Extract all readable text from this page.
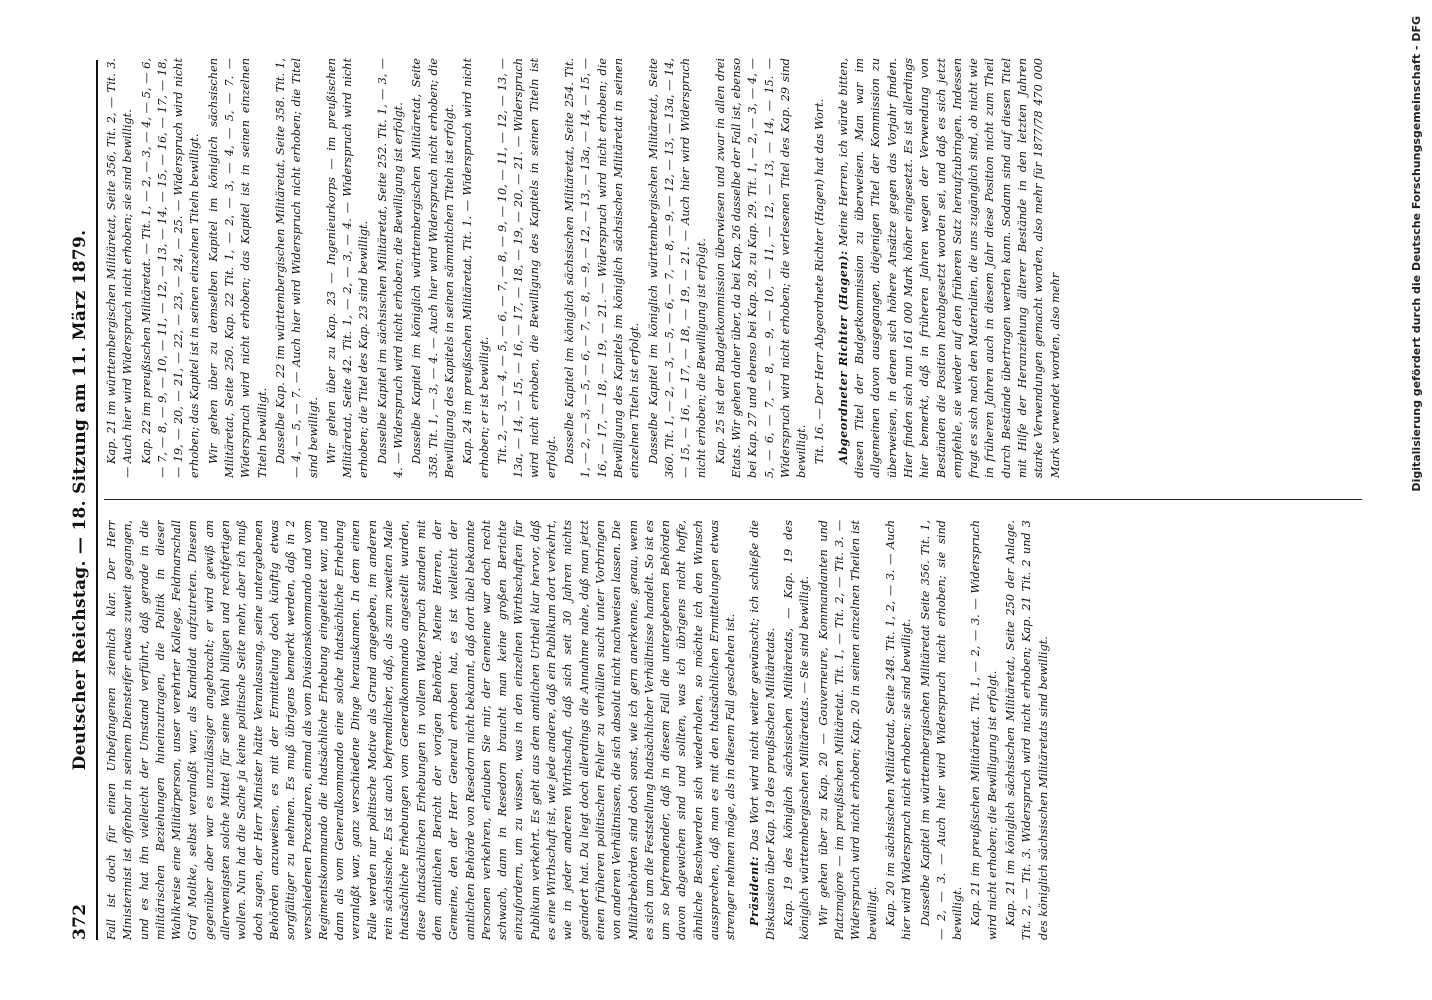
372
Deutscher Reichstag. — 18. Sitzung am 11. März 1879. Fall ist doch für einen Unbefangenen ziemlich klar. Der Herr Ministerinist ist offenbar in seinem Diensteifer etwas zuweit gegangen, und es hat ihn vielleicht der Umstand verführt, daß gerade in die militärischen Beziehungen hineinzutragen, die Politik in dieser Wahlkreise eine Militärperson, unser verehrter Kollege, Feldmarschall Graf Moltke, selbst veranlaßt war, als Kandidat aufzutreten. Diesem gegenüber aber war es unzulässiger angebracht; er wird gewiß am allerwenigsten solche Mittel für seine Wahl billigen und rechtfertigen wollen. Nun hat die Sache ja keine politische Seite mehr, aber ich muß doch sagen, der Herr Minister hätte Veranlassung, seine untergebenen Behörden anzuweisen, es mit der Ermittelung doch künftig etwas sorgfältiger zu nehmen. Es muß übrigens bemerkt werden, daß in 2 verschiedenen Prozeduren, einmal als vom Divisionskommando und vom Regimentskommando die thatsächliche Erhebung eingeleitet war, und dann als vom Generalkommando eine solche thatsächliche Erhebung veranlaßt war, ganz verschiedene Dinge herauskamen. In dem einen Falle werden nur politische Motive als Grund angegeben, im anderen rein sächsische. Es ist auch befremdlicher, daß, als zum zweiten Male thatsächliche Erhebungen vom Generalkommando angestellt wurden, diese thatsächlichen Erhebungen in vollem Widerspruch standen mit dem amtlichen Bericht der vorigen Behörde. Meine Herren, der Gemeine, den der Herr General erhoben hat, es ist vielleicht der amtlichen Behörde von Resedorn nicht bekannt, daß dort übel bekannte Personen verkehren, erlauben Sie mir, der Gemeine war doch recht schwach, dann in Resedorn braucht man keine großen Berichte einzufordern, um zu wissen, was in den einzelnen Wirthschaften für Publikum verkehrt. Es geht aus dem amtlichen Urtheil klar hervor, daß es eine Wirthschaft ist, wie jede andere, daß ein Publikum dort verkehrt, wie in jeder anderen Wirthschaft, daß sich seit 30 Jahren nichts geändert hat. Da liegt doch allerdings die Annahme nahe, daß man jetzt einen früheren politischen Fehler zu verhüllen sucht unter Vorbringen von anderen Verhältnissen, die sich absolut nicht nachweisen lassen. Die Militärbehörden sind doch sonst, wie ich gern anerkenne, genau, wenn es sich um die Feststellung thatsächlicher Verhältnisse handelt. So ist es um so befremdender, daß in diesem Fall die untergebenen Behörden davon abgewichen sind und sollten, was ich übrigens nicht hoffe, ähnliche Beschwerden sich wiederholen, so möchte ich den Wunsch aussprechen, daß man es mit den thatsächlichen Ermittelungen etwas strenger nehmen möge, als in diesem Fall geschehen ist. Präsident: Das Wort wird nicht weiter gewünscht; ich schließe die Diskussion über Kap. 19 des preußischen Militäretats. Kap. 19 des königlich sächsischen Militäretats, — Kap. 19 des königlich württembergischen Militäretats. — Sie sind bewilligt. Wir gehen über zu Kap. 20 — Gouverneure, Kommandanten und Platzmajore — im preußischen Militäretat. Tit. 1, — Tit. 2, — Tit. 3. — Widerspruch wird nicht erhoben; Kap. 20 in seinen einzelnen Theilen ist bewilligt. Kap. 20 im sächsischen Militäretat, Seite 248. Tit. 1, 2, — 3. — Auch hier wird Widerspruch nicht erhoben; sie sind bewilligt. Dasselbe Kapitel im württembergischen Militäretat Seite 356. Tit. 1, — 2, — 3. — Auch hier wird Widerspruch nicht erhoben; sie sind bewilligt. Kap. 21 im preußischen Militäretat. Tit. 1, — 2, — 3. — Widerspruch wird nicht erhoben; die Bewilligung ist erfolgt. Kap. 21 im königlich sächsischen Militäretat, Seite 250 der Anlage. Tit. 2, — Tit. 3. Widerspruch wird nicht erhoben; Kap. 21 Tit. 2 und 3 des königlich sächsischen Militäretats sind bewilligt.

Kap. 21 im württembergischen Militäretat, Seite 356, Tit. 2, — Tit. 3. — Auch hier wird Widerspruch nicht erhoben; sie sind bewilligt. Kap. 22 im preußischen Militäretat. — Tit. 1, — 2, — 3, — 4, — 5, — 6, — 7, — 8, — 9, — 10, — 11, — 12, — 13, — 14, — 15, — 16, — 17, — 18, — 19, — 20, — 21, — 22, — 23, — 24, — 25. — Widerspruch wird nicht erhoben; das Kapitel ist in seinen einzelnen Titeln bewilligt. Wir gehen über zu demselben Kapitel im königlich sächsischen Militäretat, Seite 250. Kap. 22 Tit. 1, — 2, — 3, — 4, — 5, — 7. — Widerspruch wird nicht erhoben; das Kapitel ist in seinen einzelnen Titeln bewilligt. Dasselbe Kap. 22 im württembergischen Militäretat, Seite 358. Tit. 1, — 4, — 5, — 7. — Auch hier wird Widerspruch nicht erhoben; die Titel sind bewilligt. Wir gehen über zu Kap. 23 — Ingenieurkorps — im preußischen Militäretat, Seite 42. Tit. 1, — 2, — 3, — 4. — Widerspruch wird nicht erhoben; die Titel des Kap. 23 sind bewilligt. Dasselbe Kapitel im sächsischen Militäretat, Seite 252. Tit. 1, — 3, — 4. — Widerspruch wird nicht erhoben; die Bewilligung ist erfolgt. Dasselbe Kapitel im königlich württembergischen Militäretat, Seite 358. Tit. 1, — 3, — 4. — Auch hier wird Widerspruch nicht erhoben; die Bewilligung des Kapitels in seinen sämmtlichen Titeln ist erfolgt. Kap. 24 im preußischen Militäretat, Tit. 1. — Widerspruch wird nicht erhoben; er ist bewilligt. Tit. 2, — 3, — 4, — 5, — 6, — 7, — 8, — 9, — 10, — 11, — 12, — 13, — 13a, — 14, — 15, — 16, — 17, — 18, — 19, — 20, — 21. — Widerspruch wird nicht erhoben, die Bewilligung des Kapitels in seinen Titeln ist erfolgt. Dasselbe Kapitel im königlich sächsischen Militäretat, Seite 254. Tit. 1, — 2, — 3, — 5, — 6, — 7, — 8, — 9, — 12, — 13, — 13a, — 14, — 15, — 16, — 17, — 18, — 19, — 21. — Widerspruch wird nicht erhoben; die Bewilligung des Kapitels im königlich sächsischen Militäretat in seinen einzelnen Titeln ist erfolgt. Dasselbe Kapitel im königlich württembergischen Militäretat, Seite 360. Tit. 1, — 2, — 3, — 5, — 6, — 7, — 8, — 9, — 12, — 13, — 13a, — 14, — 15, — 16, — 17, — 18, — 19, — 21. — Auch hier wird Widerspruch nicht erhoben; die Bewilligung ist erfolgt. Kap. 25 ist der Budgetkommission überwiesen und zwar in allen drei Etats. Wir gehen daher über, da bei Kap. 26 dasselbe der Fall ist, ebenso bei Kap. 27 und ebenso bei Kap. 28, zu Kap. 29. Tit. 1, — 2, — 3, — 4, — 5, — 6, — 7, — 8, — 9, — 10, — 11, — 12, — 13, — 14, — 15. — Widerspruch wird nicht erhoben; die verlesenen Titel des Kap. 29 sind bewilligt. Tit. 16. — Der Herr Abgeordnete Richter (Hagen) hat das Wort. Abgeordneter Richter (Hagen): Meine Herren, ich würde bitten, diesen Titel der Budgetkommission zu überweisen. Man war im allgemeinen davon ausgegangen, diejenigen Titel der Kommission zu überweisen, in denen sich höhere Ansätze gegen das Vorjahr finden. Hier finden sich nun 161 000 Mark höher eingesetzt. Es ist allerdings hier bemerkt, daß in früheren Jahren wegen der Verwendung von Beständen die Position herabgesetzt worden sei, und daß es sich jetzt empfehle, sie wieder auf den früheren Satz heraufzubringen. Indessen fragt es sich nach den Materialien, die uns zugänglich sind, ob nicht wie in früheren Jahren auch in diesem Jahr diese Position nicht zum Theil durch Bestände übertragen werden kann. Sodann sind auf diesen Titel mit Hilfe der Heranziehung älterer Bestände in den letzten Jahren starke Verwendungen gemacht worden, also mehr für 1877/78 470 000 Mark verwendet worden, also mehr	Digitalisierung gefördert durch die Deutsche Forschungsgemeinschaft - DFG
